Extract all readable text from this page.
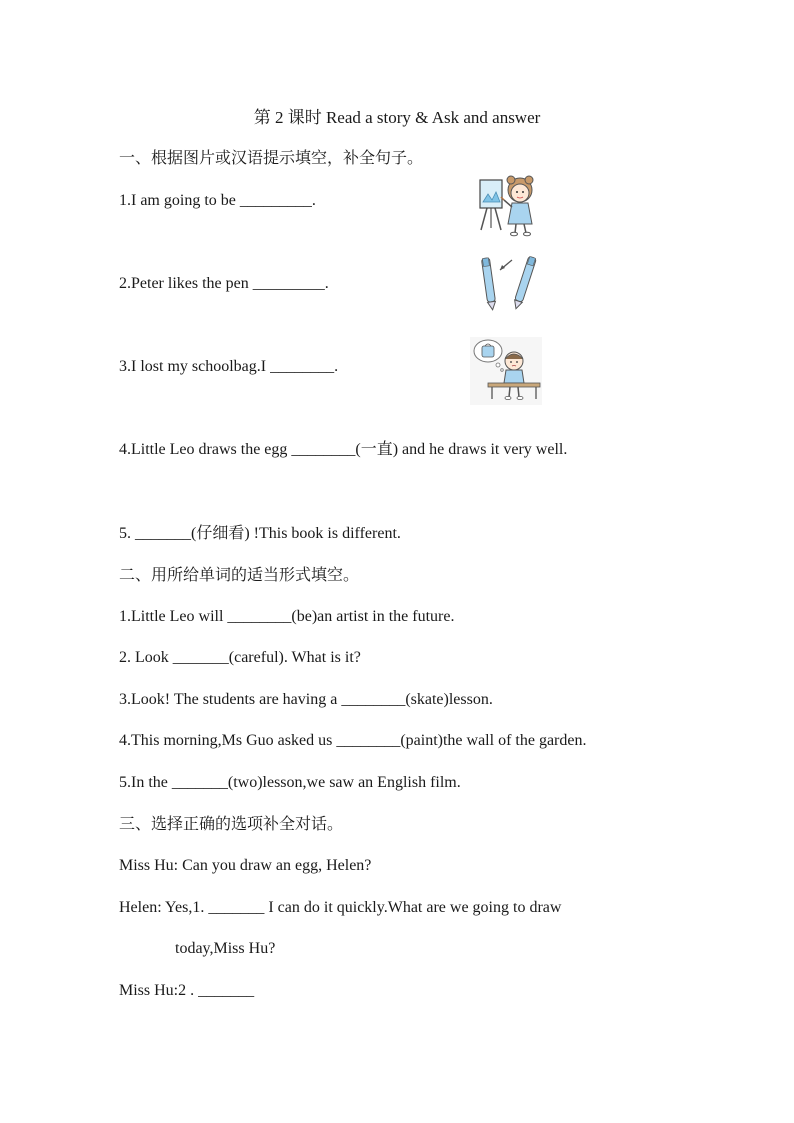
第 2 课时 Read a story & Ask and answer
一、根据图片或汉语提示填空，补全句子。
1.I am going to be _________.
2.Peter likes the pen _________.
3.I lost my schoolbag.I ________.
4.Little Leo draws the egg ________(一直) and he draws it very well.
5. _______(仔细看) !This book is different.
二、用所给单词的适当形式填空。
1.Little Leo will ________(be)an artist in the future.
2. Look _______(careful). What is it?
3.Look! The students are having a ________(skate)lesson.
4.This morning,Ms Guo asked us ________(paint)the wall of the garden.
5.In the _______(two)lesson,we saw an English film.
三、选择正确的选项补全对话。
Miss Hu: Can you draw an egg, Helen?
Helen: Yes,1. _______ I can do it quickly.What are we going to draw
today,Miss Hu?
Miss Hu:2 . _______
